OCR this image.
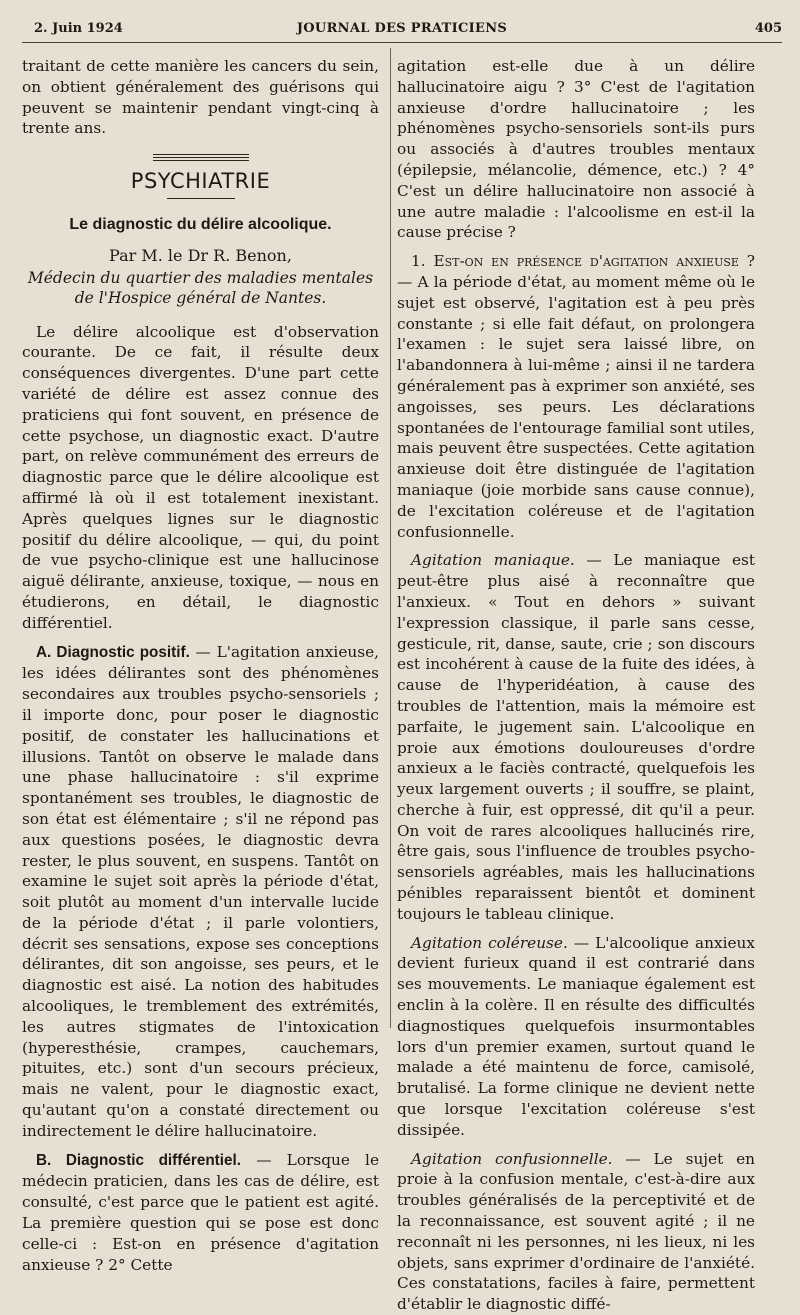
2. Juin 1924	JOURNAL DES PRATICIENS	405

traitant de cette manière les cancers du sein, on obtient généralement des guérisons qui peuvent se maintenir pendant vingt-cinq à trente ans.

PSYCHIATRIE
Le diagnostic du délire alcoolique.
Par M. le Dr R. Benon,
Médecin du quartier des maladies mentales
de l'Hospice général de Nantes.

Le délire alcoolique est d'observation courante. De ce fait, il résulte deux conséquences divergentes. D'une part cette variété de délire est assez connue des praticiens qui font souvent, en présence de cette psychose, un diagnostic exact. D'autre part, on relève communément des erreurs de diagnostic parce que le délire alcoolique est affirmé là où il est totalement inexistant. Après quelques lignes sur le diagnostic positif du délire alcoolique, — qui, du point de vue psycho-clinique est une hallucinose aiguë délirante, anxieuse, toxique, — nous en étudierons, en détail, le diagnostic différentiel.

A. Diagnostic positif. — L'agitation anxieuse, les idées délirantes sont des phénomènes secondaires aux troubles psycho-sensoriels ; il importe donc, pour poser le diagnostic positif, de constater les hallucinations et illusions. Tantôt on observe le malade dans une phase hallucinatoire : s'il exprime spontanément ses troubles, le diagnostic de son état est élémentaire ; s'il ne répond pas aux questions posées, le diagnostic devra rester, le plus souvent, en suspens. Tantôt on examine le sujet soit après la période d'état, soit plutôt au moment d'un intervalle lucide de la période d'état ; il parle volontiers, décrit ses sensations, expose ses conceptions délirantes, dit son angoisse, ses peurs, et le diagnostic est aisé. La notion des habitudes alcooliques, le tremblement des extrémités, les autres stigmates de l'intoxication (hyperesthésie, crampes, cauchemars, pituites, etc.) sont d'un secours précieux, mais ne valent, pour le diagnostic exact, qu'autant qu'on a constaté directement ou indirectement le délire hallucinatoire.

B. Diagnostic différentiel. — Lorsque le médecin praticien, dans les cas de délire, est consulté, c'est parce que le patient est agité. La première question qui se pose est donc celle-ci : Est-on en présence d'agitation anxieuse ? 2° Cette

agitation est-elle due à un délire hallucinatoire aigu ? 3° C'est de l'agitation anxieuse d'ordre hallucinatoire ; les phénomènes psycho-sensoriels sont-ils purs ou associés à d'autres troubles mentaux (épilepsie, mélancolie, démence, etc.) ? 4° C'est un délire hallucinatoire non associé à une autre maladie : l'alcoolisme en est-il la cause précise ?

1. Est-on en présence d'agitation anxieuse ? — A la période d'état, au moment même où le sujet est observé, l'agitation est à peu près constante ; si elle fait défaut, on prolongera l'examen : le sujet sera laissé libre, on l'abandonnera à lui-même ; ainsi il ne tardera généralement pas à exprimer son anxiété, ses angoisses, ses peurs. Les déclarations spontanées de l'entourage familial sont utiles, mais peuvent être suspectées. Cette agitation anxieuse doit être distinguée de l'agitation maniaque (joie morbide sans cause connue), de l'excitation coléreuse et de l'agitation confusionnelle.

Agitation maniaque. — Le maniaque est peut-être plus aisé à reconnaître que l'anxieux. « Tout en dehors » suivant l'expression classique, il parle sans cesse, gesticule, rit, danse, saute, crie ; son discours est incohérent à cause de la fuite des idées, à cause de l'hyperidéation, à cause des troubles de l'attention, mais la mémoire est parfaite, le jugement sain. L'alcoolique en proie aux émotions douloureuses d'ordre anxieux a le faciès contracté, quelquefois les yeux largement ouverts ; il souffre, se plaint, cherche à fuir, est oppressé, dit qu'il a peur. On voit de rares alcooliques hallucinés rire, être gais, sous l'influence de troubles psycho-sensoriels agréables, mais les hallucinations pénibles reparaissent bientôt et dominent toujours le tableau clinique.

Agitation coléreuse. — L'alcoolique anxieux devient furieux quand il est contrarié dans ses mouvements. Le maniaque également est enclin à la colère. Il en résulte des difficultés diagnostiques quelquefois insurmontables lors d'un premier examen, surtout quand le malade a été maintenu de force, camisolé, brutalisé. La forme clinique ne devient nette que lorsque l'excitation coléreuse s'est dissipée.

Agitation confusionnelle. — Le sujet en proie à la confusion mentale, c'est-à-dire aux troubles généralisés de la perceptivité et de la reconnaissance, est souvent agité ; il ne reconnaît ni les personnes, ni les lieux, ni les objets, sans exprimer d'ordinaire de l'anxiété. Ces constatations, faciles à faire, permettent d'établir le diagnostic diffé-
